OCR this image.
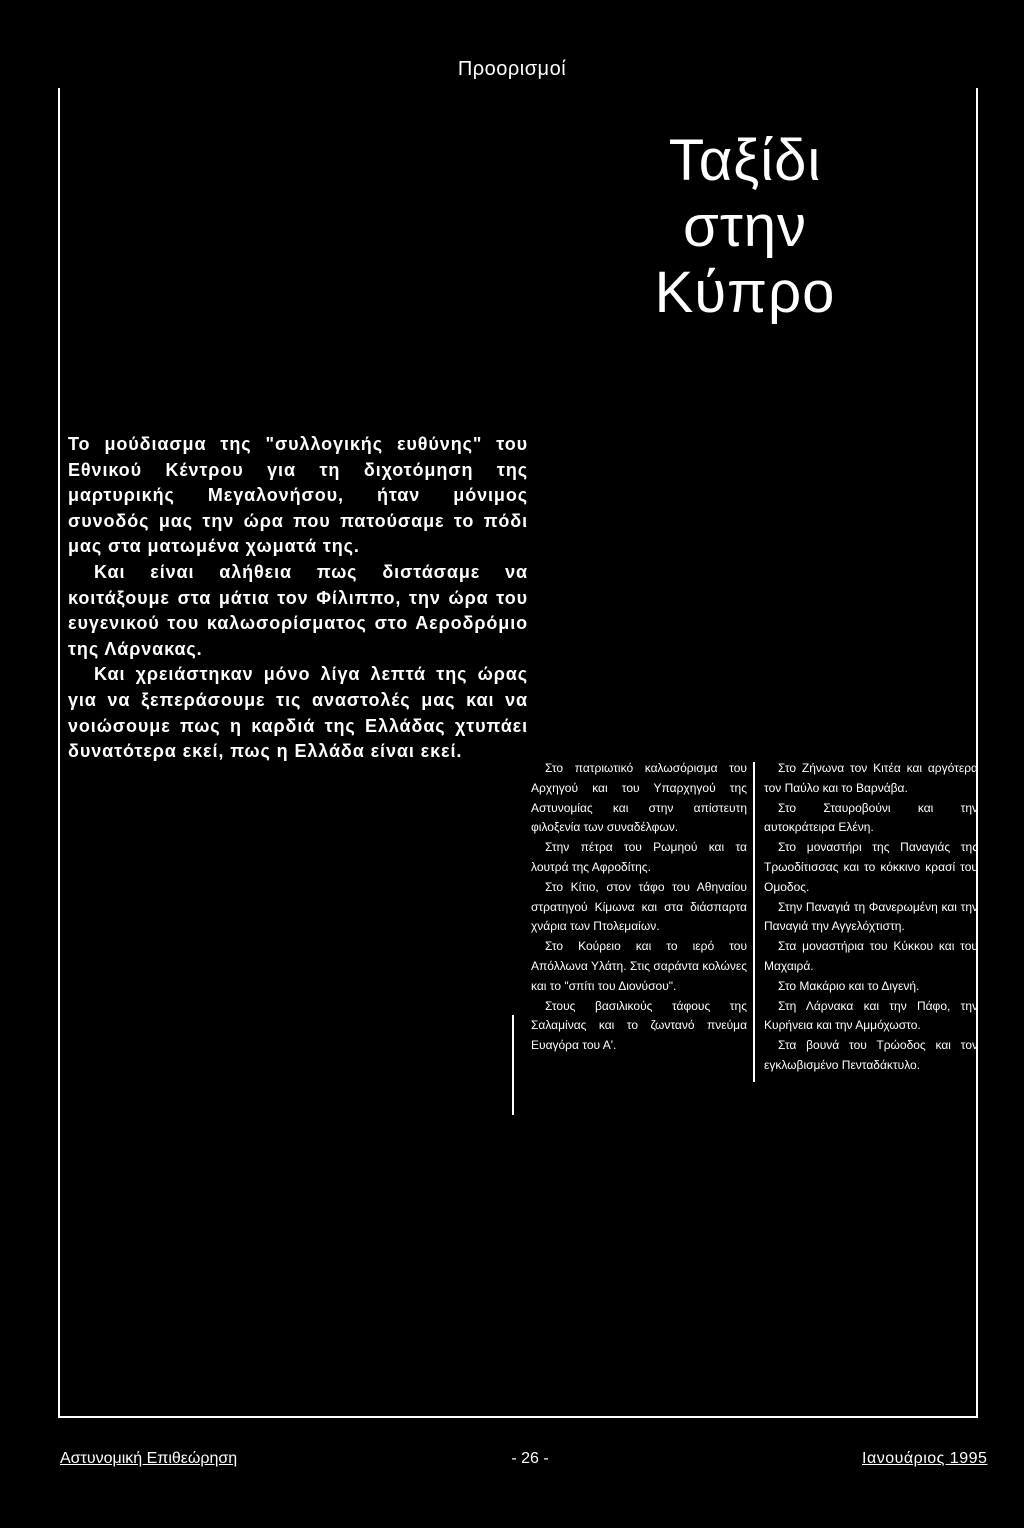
Προορισμοί
Ταξίδι
στην
Κύπρο

Το μούδιασμα της "συλλογικής ευθύνης" του Εθνικού Κέντρου για τη διχοτόμηση της μαρτυρικής Μεγαλονήσου, ήταν μόνιμος συνοδός μας την ώρα που πατούσαμε το πόδι μας στα ματωμένα χωματά της.

Και είναι αλήθεια πως διστάσαμε να κοιτάξουμε στα μάτια τον Φίλιππο, την ώρα του ευγενικού του καλωσορίσματος στο Αεροδρόμιο της Λάρνακας.

Και χρειάστηκαν μόνο λίγα λεπτά της ώρας για να ξεπεράσουμε τις αναστολές μας και να νοιώσουμε πως η καρδιά της Ελλάδας χτυπάει δυνατότερα εκεί, πως η Ελλάδα είναι εκεί.

Στο πατριωτικό καλωσόρισμα του Αρχηγού και του Υπαρχηγού της Αστυνομίας και στην απίστευτη φιλοξενία των συναδέλφων.

Στην πέτρα του Ρωμηού και τα λουτρά της Αφροδίτης.

Στο Κίτιο, στον τάφο του Αθηναίου στρατηγού Κίμωνα και στα διάσπαρτα χνάρια των Πτολεμαίων.

Στο Κούρειο και το ιερό του Απόλλωνα Υλάτη. Στις σαράντα κολώνες και το "σπίτι του Διονύσου".

Στους βασιλικούς τάφους της Σαλαμίνας και το ζωντανό πνεύμα Ευαγόρα του Α'.

Στο Ζήνωνα τον Κιτέα και αργότερα τον Παύλο και το Βαρνάβα.

Στο Σταυροβούνι και την αυτοκράτειρα Ελένη.

Στο μοναστήρι της Παναγιάς της Τρωοδίτισσας και το κόκκινο κρασί του Ομοδος.

Στην Παναγιά τη Φανερωμένη και την Παναγιά την Αγγελόχτιστη.

Στα μοναστήρια του Κύκκου και του Μαχαιρά.

Στο Μακάριο και το Διγενή.

Στη Λάρνακα και την Πάφο, την Κυρήνεια και την Αμμόχωστο.

Στα βουνά του Τρώοδος και τον εγκλωβισμένο Πενταδάκτυλο.

Αστυνομική Επιθεώρηση	- 26 -	Ιανουάριος 1995
